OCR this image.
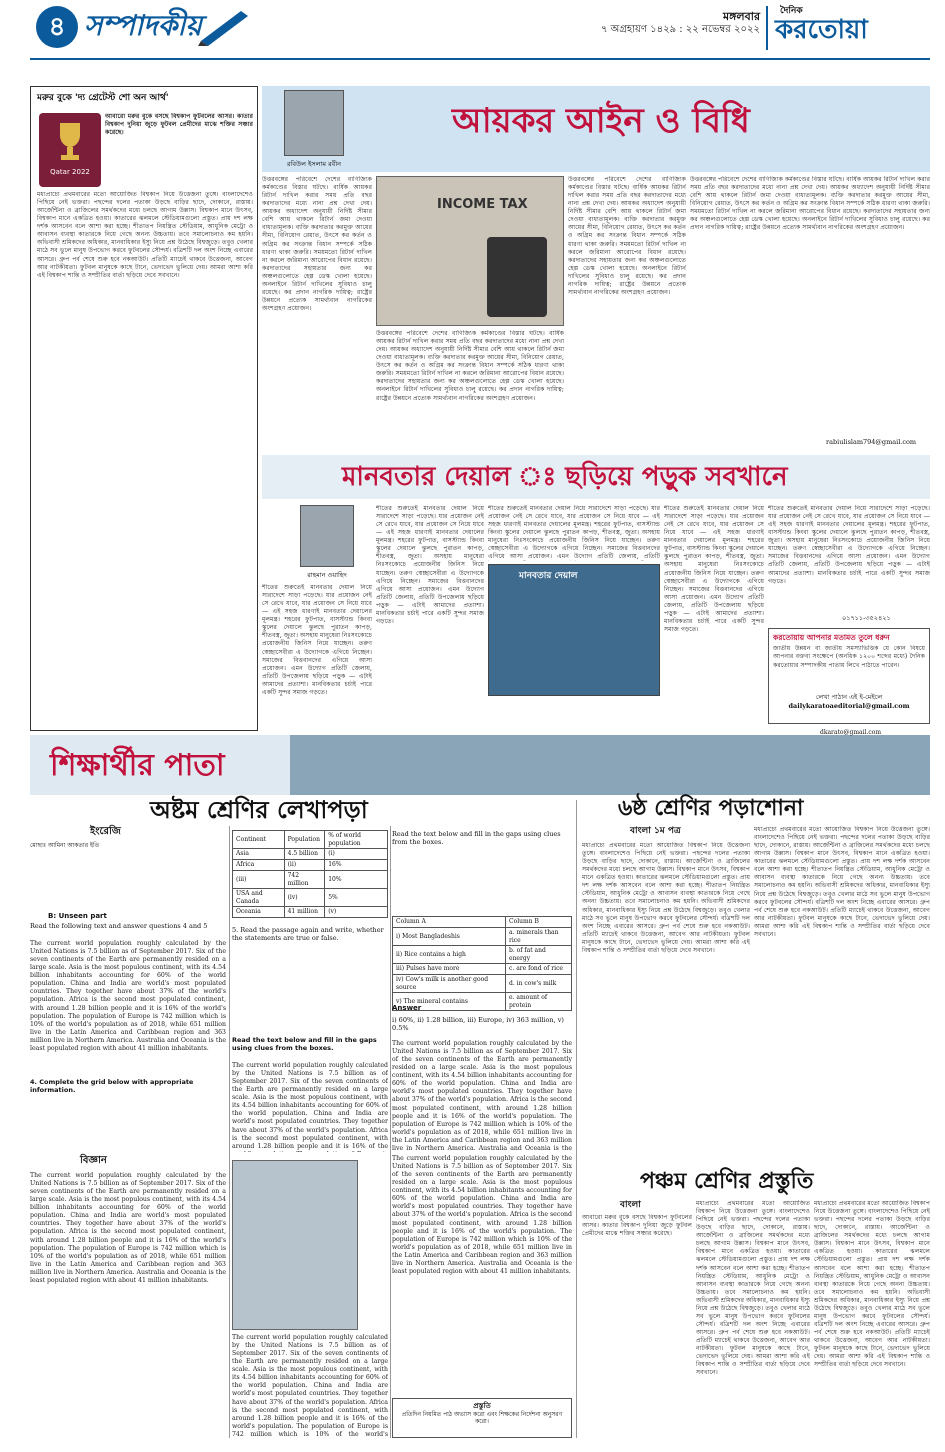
৪ সম্পাদকীয়	মঙ্গলবার
৭ অগ্রহায়ণ ১৪২৯ : ২২ নভেম্বর ২০২২
দৈনিক
করতোয়া
মরুর বুকে 'দ্য গ্রেটেস্ট শো অন আর্থ'
Qatar 2022
আবারো মরুর বুকে বসছে বিশ্বকাপ ফুটবলের আসর। কাতার বিশ্বকাপ দুনিয়া জুড়ে ফুটবল প্রেমীদের মাঝে শক্তির সঞ্চার করেছে।
মধ্যপ্রাচ্যে প্রথমবারের মতো আয়োজিত বিশ্বকাপ নিয়ে উত্তেজনা তুঙ্গে। বাংলাদেশেও পিছিয়ে নেই ভক্তরা। পছন্দের দলের পতাকা উড়ছে বাড়ির ছাদে, দোকানে, রাস্তায়। আর্জেন্টিনা ও ব্রাজিলের সমর্থকদের মধ্যে চলছে আগাম উল্লাস। বিশ্বকাপ মানে উৎসব, বিশ্বকাপ মানে একত্রিত হওয়া। কাতারের ঝলমলে স্টেডিয়ামগুলো প্রস্তুত। প্রায় দশ লক্ষ দর্শক আসবেন বলে আশা করা হচ্ছে। শীতাতপ নিয়ন্ত্রিত স্টেডিয়াম, আধুনিক মেট্রো ও আবাসন ব্যবস্থা কাতারকে নিয়ে গেছে অনন্য উচ্চতায়। তবে সমালোচনাও কম হয়নি। অভিবাসী শ্রমিকদের অধিকার, মানবাধিকার ইস্যু নিয়ে প্রশ্ন উঠেছে বিশ্বজুড়ে। তবুও খেলার মাঠে সব ভুলে মানুষ উপভোগ করবে ফুটবলের সৌন্দর্য। বত্রিশটি দল অংশ নিচ্ছে এবারের আসরে। গ্রুপ পর্ব শেষে শুরু হবে নকআউট। প্রতিটি ম্যাচেই থাকবে উত্তেজনা, আবেগ আর নাটকীয়তা। ফুটবল মানুষকে কাছে টানে, ভেদাভেদ ভুলিয়ে দেয়। আমরা আশা করি এই বিশ্বকাপ শান্তি ও সম্প্রীতির বার্তা ছড়িয়ে দেবে সবখানে।
রবিউল ইসলাম রবীন
আয়কর আইন ও বিধি
উত্তরবঙ্গের পরিবেশে দেশের বাণিজ্যিক কর্মকাণ্ডের বিস্তার ঘটছে। বার্ষিক আয়কর রিটার্ন দাখিল করার সময় প্রতি বছর করদাতাদের মধ্যে নানা প্রশ্ন দেখা দেয়। আয়কর অধ্যাদেশ অনুযায়ী নির্দিষ্ট সীমার বেশি আয় থাকলে রিটার্ন জমা দেওয়া বাধ্যতামূলক। ব্যক্তি করদাতার করমুক্ত আয়ের সীমা, বিনিয়োগ রেয়াত, উৎসে কর কর্তন ও অগ্রিম কর সংক্রান্ত বিধান সম্পর্কে সঠিক ধারণা থাকা জরুরি। সময়মতো রিটার্ন দাখিল না করলে জরিমানা আরোপের বিধান রয়েছে। করদাতাদের সহায়তার জন্য কর অঞ্চলগুলোতে হেল্প ডেস্ক খোলা হয়েছে। অনলাইনে রিটার্ন দাখিলের সুবিধাও চালু রয়েছে। কর প্রদান নাগরিক দায়িত্ব; রাষ্ট্রের উন্নয়নে প্রত্যেক সামর্থ্যবান নাগরিকের অংশগ্রহণ প্রয়োজন।
INCOME TAX
উত্তরবঙ্গের পরিবেশে দেশের বাণিজ্যিক কর্মকাণ্ডের বিস্তার ঘটছে। বার্ষিক আয়কর রিটার্ন দাখিল করার সময় প্রতি বছর করদাতাদের মধ্যে নানা প্রশ্ন দেখা দেয়। আয়কর অধ্যাদেশ অনুযায়ী নির্দিষ্ট সীমার বেশি আয় থাকলে রিটার্ন জমা দেওয়া বাধ্যতামূলক। ব্যক্তি করদাতার করমুক্ত আয়ের সীমা, বিনিয়োগ রেয়াত, উৎসে কর কর্তন ও অগ্রিম কর সংক্রান্ত বিধান সম্পর্কে সঠিক ধারণা থাকা জরুরি। সময়মতো রিটার্ন দাখিল না করলে জরিমানা আরোপের বিধান রয়েছে। করদাতাদের সহায়তার জন্য কর অঞ্চলগুলোতে হেল্প ডেস্ক খোলা হয়েছে। অনলাইনে রিটার্ন দাখিলের সুবিধাও চালু রয়েছে। কর প্রদান নাগরিক দায়িত্ব; রাষ্ট্রের উন্নয়নে প্রত্যেক সামর্থ্যবান নাগরিকের অংশগ্রহণ প্রয়োজন।
উত্তরবঙ্গের পরিবেশে দেশের বাণিজ্যিক কর্মকাণ্ডের বিস্তার ঘটছে। বার্ষিক আয়কর রিটার্ন দাখিল করার সময় প্রতি বছর করদাতাদের মধ্যে নানা প্রশ্ন দেখা দেয়। আয়কর অধ্যাদেশ অনুযায়ী নির্দিষ্ট সীমার বেশি আয় থাকলে রিটার্ন জমা দেওয়া বাধ্যতামূলক। ব্যক্তি করদাতার করমুক্ত আয়ের সীমা, বিনিয়োগ রেয়াত, উৎসে কর কর্তন ও অগ্রিম কর সংক্রান্ত বিধান সম্পর্কে সঠিক ধারণা থাকা জরুরি। সময়মতো রিটার্ন দাখিল না করলে জরিমানা আরোপের বিধান রয়েছে। করদাতাদের সহায়তার জন্য কর অঞ্চলগুলোতে হেল্প ডেস্ক খোলা হয়েছে। অনলাইনে রিটার্ন দাখিলের সুবিধাও চালু রয়েছে। কর প্রদান নাগরিক দায়িত্ব; রাষ্ট্রের উন্নয়নে প্রত্যেক সামর্থ্যবান নাগরিকের অংশগ্রহণ প্রয়োজন।
উত্তরবঙ্গের পরিবেশে দেশের বাণিজ্যিক কর্মকাণ্ডের বিস্তার ঘটছে। বার্ষিক আয়কর রিটার্ন দাখিল করার সময় প্রতি বছর করদাতাদের মধ্যে নানা প্রশ্ন দেখা দেয়। আয়কর অধ্যাদেশ অনুযায়ী নির্দিষ্ট সীমার বেশি আয় থাকলে রিটার্ন জমা দেওয়া বাধ্যতামূলক। ব্যক্তি করদাতার করমুক্ত আয়ের সীমা, বিনিয়োগ রেয়াত, উৎসে কর কর্তন ও অগ্রিম কর সংক্রান্ত বিধান সম্পর্কে সঠিক ধারণা থাকা জরুরি। সময়মতো রিটার্ন দাখিল না করলে জরিমানা আরোপের বিধান রয়েছে। করদাতাদের সহায়তার জন্য কর অঞ্চলগুলোতে হেল্প ডেস্ক খোলা হয়েছে। অনলাইনে রিটার্ন দাখিলের সুবিধাও চালু রয়েছে। কর প্রদান নাগরিক দায়িত্ব; রাষ্ট্রের উন্নয়নে প্রত্যেক সামর্থ্যবান নাগরিকের অংশগ্রহণ প্রয়োজন।
rabiulislam794@gmail.com
মানবতার দেয়াল ঃ ছড়িয়ে পড়ুক সবখানে
রাহমান ওয়াহিদ
শীতের শুরুতেই মানবতার দেয়াল নিয়ে সারাদেশে সাড়া পড়েছে। যার প্রয়োজন নেই সে রেখে যাবে, যার প্রয়োজন সে নিয়ে যাবে — এই সহজ ধারণাই মানবতার দেয়ালের মূলমন্ত্র। শহরের ফুটপাত, বাসস্ট্যান্ড কিংবা স্কুলের দেয়ালে ঝুলছে পুরাতন কাপড়, শীতবস্ত্র, জুতা। অসহায় মানুষেরা নিঃসংকোচে প্রয়োজনীয় জিনিস নিয়ে যাচ্ছেন। তরুণ স্বেচ্ছাসেবীরা এ উদ্যোগকে এগিয়ে নিচ্ছেন। সমাজের বিত্তবানদের এগিয়ে আসা প্রয়োজন। এমন উদ্যোগ প্রতিটি জেলায়, প্রতিটি উপজেলায় ছড়িয়ে পড়ুক — এটাই আমাদের প্রত্যাশা। মানবিকতার চর্চাই পারে একটি সুন্দর সমাজ গড়তে।
শীতের শুরুতেই মানবতার দেয়াল নিয়ে সারাদেশে সাড়া পড়েছে। যার প্রয়োজন নেই সে রেখে যাবে, যার প্রয়োজন সে নিয়ে যাবে — এই সহজ ধারণাই মানবতার দেয়ালের মূলমন্ত্র। শহরের ফুটপাত, বাসস্ট্যান্ড কিংবা স্কুলের দেয়ালে ঝুলছে পুরাতন কাপড়, শীতবস্ত্র, জুতা। অসহায় মানুষেরা নিঃসংকোচে প্রয়োজনীয় জিনিস নিয়ে যাচ্ছেন। তরুণ স্বেচ্ছাসেবীরা এ উদ্যোগকে এগিয়ে নিচ্ছেন। সমাজের বিত্তবানদের এগিয়ে আসা প্রয়োজন। এমন উদ্যোগ প্রতিটি জেলায়, প্রতিটি উপজেলায় ছড়িয়ে পড়ুক — এটাই আমাদের প্রত্যাশা। মানবিকতার চর্চাই পারে একটি সুন্দর সমাজ গড়তে।
মানবতার দেয়াল
শীতের শুরুতেই মানবতার দেয়াল নিয়ে সারাদেশে সাড়া পড়েছে। যার প্রয়োজন নেই সে রেখে যাবে, যার প্রয়োজন সে নিয়ে যাবে — এই সহজ ধারণাই মানবতার দেয়ালের মূলমন্ত্র। শহরের ফুটপাত, বাসস্ট্যান্ড কিংবা স্কুলের দেয়ালে ঝুলছে পুরাতন কাপড়, শীতবস্ত্র, জুতা। অসহায় মানুষেরা নিঃসংকোচে প্রয়োজনীয় জিনিস নিয়ে যাচ্ছেন। তরুণ স্বেচ্ছাসেবীরা এ উদ্যোগকে এগিয়ে নিচ্ছেন। সমাজের বিত্তবানদের এগিয়ে আসা প্রয়োজন। এমন উদ্যোগ প্রতিটি জেলায়, প্রতিটি
শীতের শুরুতেই মানবতার দেয়াল নিয়ে সারাদেশে সাড়া পড়েছে। যার প্রয়োজন নেই সে রেখে যাবে, যার প্রয়োজন সে নিয়ে যাবে — এই সহজ ধারণাই মানবতার দেয়ালের মূলমন্ত্র। শহরের ফুটপাত, বাসস্ট্যান্ড কিংবা স্কুলের দেয়ালে ঝুলছে পুরাতন কাপড়, শীতবস্ত্র, জুতা। অসহায় মানুষেরা নিঃসংকোচে প্রয়োজনীয় জিনিস নিয়ে যাচ্ছেন। তরুণ স্বেচ্ছাসেবীরা এ উদ্যোগকে এগিয়ে নিচ্ছেন। সমাজের বিত্তবানদের এগিয়ে আসা প্রয়োজন। এমন উদ্যোগ প্রতিটি জেলায়, প্রতিটি উপজেলায় ছড়িয়ে পড়ুক — এটাই আমাদের প্রত্যাশা। মানবিকতার চর্চাই পারে একটি সুন্দর সমাজ গড়তে।
শীতের শুরুতেই মানবতার দেয়াল নিয়ে সারাদেশে সাড়া পড়েছে। যার প্রয়োজন নেই সে রেখে যাবে, যার প্রয়োজন সে নিয়ে যাবে — এই সহজ ধারণাই মানবতার দেয়ালের মূলমন্ত্র। শহরের ফুটপাত, বাসস্ট্যান্ড কিংবা স্কুলের দেয়ালে ঝুলছে পুরাতন কাপড়, শীতবস্ত্র, জুতা। অসহায় মানুষেরা নিঃসংকোচে প্রয়োজনীয় জিনিস নিয়ে যাচ্ছেন। তরুণ স্বেচ্ছাসেবীরা এ উদ্যোগকে এগিয়ে নিচ্ছেন। সমাজের বিত্তবানদের এগিয়ে আসা প্রয়োজন। এমন উদ্যোগ প্রতিটি জেলায়, প্রতিটি উপজেলায় ছড়িয়ে পড়ুক — এটাই আমাদের প্রত্যাশা। মানবিকতার চর্চাই পারে একটি সুন্দর সমাজ গড়তে।
০১৭১১-৩৫২৪২১
করতোয়ায় আপনার মতামত তুলে ধরুন
জাতীয় উন্নয়ন বা জাতীয় সমস্যাভিত্তিক যে কোন বিষয়ে আপনার বক্তব্য সংক্ষেপে (অনধিক ১২০০ শব্দের মধ্যে) দৈনিক করতোয়ার সম্পাদকীয় পাতায় লিখে পাঠাতে পারেন।
লেখা পাঠান এই ই-মেইলে
dailykaratoaeditorial@gmail.com
শিক্ষার্থীর পাতা
dkarato@gmail.com
অষ্টম শ্রেণির লেখাপড়া
ইংরেজি
মোছাঃ আমিনা আকতার ইতি
B: Unseen part
Read the following text and answer questions 4 and 5
The current world population roughly calculated by the United Nations is 7.5 billion as of September 2017. Six of the seven continents of the Earth are permanently resided on a large scale. Asia is the most populous continent, with its 4.54 billion inhabitants accounting for 60% of the world population. China and India are world's most populated countries. They together have about 37% of the world's population. Africa is the second most populated continent, with around 1.28 billion people and it is 16% of the world's population. The population of Europe is 742 million which is 10% of the world's population as of 2018, while 651 million live in the Latin America and Caribbean region and 363 million live in Northern America. Australia and Oceania is the least populated region with about 41 million inhabitants.
4. Complete the grid below with appropriate information.
Continent	Population	% of world population
Asia	4.5 billion	(i)
Africa	(ii)	16%
(iii)	742 million	10%
USA and Canada	(iv)	5%
Oceania	41 million	(v)
5. Read the passage again and write, whether the statements are true or false.
Read the text below and fill in the gaps using clues from the boxes.
The current world population roughly calculated by the United Nations is 7.5 billion as of September 2017. Six of the seven continents of the Earth are permanently resided on a large scale. Asia is the most populous continent, with its 4.54 billion inhabitants accounting for 60% of the world population. China and India are world's most populated countries. They together have about 37% of the world's population. Africa is the second most populated continent, with around 1.28 billion people and it is 16% of the
Read the text below and fill in the gaps using clues from the boxes.
Column A	Column B
i) Most Bangladeshis	a. minerals than rice
ii) Rice contains a high	b. of fat and energy
iii) Pulses have more	c. are fond of rice
iv) Cow's milk is another good source	d. in cow's milk
v) The mineral contains	e. amount of protein
Answer
i) 60%, ii) 1.28 billion, iii) Europe, iv) 363 million, v) 0.5%
The current world population roughly calculated by the United Nations is 7.5 billion as of September 2017. Six of the seven continents of the Earth are permanently resided on a large scale. Asia is the most populous continent, with its 4.54 billion inhabitants accounting for 60% of the world population. China and India are world's most populated countries. They together have about 37% of the world's population. Africa is the second most populated continent, with around 1.28 billion people and it is 16% of the world's population. The population of Europe is 742 million which is 10% of the world's population as of 2018, while 651 million live in the Latin America and Caribbean region and 363 million live in Northern America. Australia and Oceania is the
বিজ্ঞান
The current world population roughly calculated by the United Nations is 7.5 billion as of September 2017. Six of the seven continents of the Earth are permanently resided on a large scale. Asia is the most populous continent, with its 4.54 billion inhabitants accounting for 60% of the world population. China and India are world's most populated countries. They together have about 37% of the world's population. Africa is the second most populated continent, with around 1.28 billion people and it is 16% of the world's population. The population of Europe is 742 million which is 10% of the world's population as of 2018, while 651 million live in the Latin America and Caribbean region and 363 million live in Northern America. Australia and Oceania is the least populated region with about 41 million inhabitants.
The current world population roughly calculated by the United Nations is 7.5 billion as of September 2017. Six of the seven continents of the Earth are permanently resided on a large scale. Asia is the most populous continent, with its 4.54 billion inhabitants accounting for 60% of the world population. China and India are world's most populated countries. They together have about 37% of the world's population. Africa is the second most populated continent, with around 1.28 billion people and it is 16% of the world's population. The population of Europe is 742 million which is 10% of the world's
The current world population roughly calculated by the United Nations is 7.5 billion as of September 2017. Six of the seven continents of the Earth are permanently resided on a large scale. Asia is the most populous continent, with its 4.54 billion inhabitants accounting for 60% of the world population. China and India are world's most populated countries. They together have about 37% of the world's population. Africa is the second most populated continent, with around 1.28 billion people and it is 16% of the world's population. The population of Europe is 742 million which is 10% of the world's population as of 2018, while 651 million live in the Latin America and Caribbean region and 363 million live in Northern America. Australia and Oceania is the least populated region with about 41 million inhabitants.
প্রস্তুতি
প্রতিদিন নিয়মিত পাঠ অভ্যাস করো এবং শিক্ষকের নির্দেশনা অনুসরণ করো।
৬ষ্ঠ শ্রেণির পড়াশোনা
বাংলা ১ম পত্র
মধ্যপ্রাচ্যে প্রথমবারের মতো আয়োজিত বিশ্বকাপ নিয়ে উত্তেজনা তুঙ্গে। বাংলাদেশেও পিছিয়ে নেই ভক্তরা। পছন্দের দলের পতাকা উড়ছে বাড়ির ছাদে, দোকানে, রাস্তায়। আর্জেন্টিনা ও ব্রাজিলের সমর্থকদের মধ্যে চলছে আগাম উল্লাস। বিশ্বকাপ মানে উৎসব, বিশ্বকাপ মানে একত্রিত হওয়া। কাতারের ঝলমলে স্টেডিয়ামগুলো প্রস্তুত। প্রায় দশ লক্ষ দর্শক আসবেন বলে আশা করা হচ্ছে। শীতাতপ নিয়ন্ত্রিত স্টেডিয়াম, আধুনিক মেট্রো ও আবাসন ব্যবস্থা কাতারকে নিয়ে গেছে অনন্য উচ্চতায়। তবে সমালোচনাও কম হয়নি। অভিবাসী শ্রমিকদের অধিকার, মানবাধিকার ইস্যু নিয়ে প্রশ্ন উঠেছে বিশ্বজুড়ে। তবুও খেলার মাঠে সব ভুলে মানুষ উপভোগ করবে ফুটবলের সৌন্দর্য। বত্রিশটি দল অংশ নিচ্ছে এবারের আসরে। গ্রুপ পর্ব শেষে শুরু হবে নকআউট। প্রতিটি ম্যাচেই থাকবে উত্তেজনা, আবেগ আর নাটকীয়তা। ফুটবল মানুষকে কাছে টানে, ভেদাভেদ ভুলিয়ে দেয়। আমরা আশা করি এই বিশ্বকাপ শান্তি ও সম্প্রীতির বার্তা ছড়িয়ে দেবে সবখানে।
মধ্যপ্রাচ্যে প্রথমবারের মতো আয়োজিত বিশ্বকাপ নিয়ে উত্তেজনা তুঙ্গে। বাংলাদেশেও পিছিয়ে নেই ভক্তরা। পছন্দের দলের পতাকা উড়ছে বাড়ির ছাদে, দোকানে, রাস্তায়। আর্জেন্টিনা ও ব্রাজিলের সমর্থকদের মধ্যে চলছে আগাম উল্লাস। বিশ্বকাপ মানে উৎসব, বিশ্বকাপ মানে একত্রিত হওয়া। কাতারের ঝলমলে স্টেডিয়ামগুলো প্রস্তুত। প্রায় দশ লক্ষ দর্শক আসবেন বলে আশা করা হচ্ছে। শীতাতপ নিয়ন্ত্রিত স্টেডিয়াম, আধুনিক মেট্রো ও আবাসন ব্যবস্থা কাতারকে নিয়ে গেছে অনন্য উচ্চতায়। তবে সমালোচনাও কম হয়নি। অভিবাসী শ্রমিকদের অধিকার, মানবাধিকার ইস্যু নিয়ে প্রশ্ন উঠেছে বিশ্বজুড়ে। তবুও খেলার মাঠে সব ভুলে মানুষ উপভোগ করবে ফুটবলের সৌন্দর্য। বত্রিশটি দল অংশ নিচ্ছে এবারের আসরে। গ্রুপ পর্ব শেষে শুরু হবে নকআউট। প্রতিটি ম্যাচেই থাকবে উত্তেজনা, আবেগ আর নাটকীয়তা। ফুটবল মানুষকে কাছে টানে, ভেদাভেদ ভুলিয়ে দেয়। আমরা আশা করি এই বিশ্বকাপ শান্তি ও সম্প্রীতির বার্তা ছড়িয়ে দেবে সবখানে।
পঞ্চম শ্রেণির প্রস্তুতি
বাংলা
আবারো মরুর বুকে বসছে বিশ্বকাপ ফুটবলের আসর। কাতার বিশ্বকাপ দুনিয়া জুড়ে ফুটবল প্রেমীদের মাঝে শক্তির সঞ্চার করেছে।
মধ্যপ্রাচ্যে প্রথমবারের মতো আয়োজিত বিশ্বকাপ নিয়ে উত্তেজনা তুঙ্গে। বাংলাদেশেও পিছিয়ে নেই ভক্তরা। পছন্দের দলের পতাকা উড়ছে বাড়ির ছাদে, দোকানে, রাস্তায়। আর্জেন্টিনা ও ব্রাজিলের সমর্থকদের মধ্যে চলছে আগাম উল্লাস। বিশ্বকাপ মানে উৎসব, বিশ্বকাপ মানে একত্রিত হওয়া। কাতারের ঝলমলে স্টেডিয়ামগুলো প্রস্তুত। প্রায় দশ লক্ষ দর্শক আসবেন বলে আশা করা হচ্ছে। শীতাতপ নিয়ন্ত্রিত স্টেডিয়াম, আধুনিক মেট্রো ও আবাসন ব্যবস্থা কাতারকে নিয়ে গেছে অনন্য উচ্চতায়। তবে সমালোচনাও কম হয়নি। অভিবাসী শ্রমিকদের অধিকার, মানবাধিকার ইস্যু নিয়ে প্রশ্ন উঠেছে বিশ্বজুড়ে। তবুও খেলার মাঠে সব ভুলে মানুষ উপভোগ করবে ফুটবলের সৌন্দর্য। বত্রিশটি দল অংশ নিচ্ছে এবারের আসরে। গ্রুপ পর্ব শেষে শুরু হবে নকআউট। প্রতিটি ম্যাচেই থাকবে উত্তেজনা, আবেগ আর নাটকীয়তা। ফুটবল মানুষকে কাছে টানে, ভেদাভেদ ভুলিয়ে দেয়। আমরা আশা করি এই বিশ্বকাপ শান্তি ও সম্প্রীতির বার্তা ছড়িয়ে দেবে সবখানে।
মধ্যপ্রাচ্যে প্রথমবারের মতো আয়োজিত বিশ্বকাপ নিয়ে উত্তেজনা তুঙ্গে। বাংলাদেশেও পিছিয়ে নেই ভক্তরা। পছন্দের দলের পতাকা উড়ছে বাড়ির ছাদে, দোকানে, রাস্তায়। আর্জেন্টিনা ও ব্রাজিলের সমর্থকদের মধ্যে চলছে আগাম উল্লাস। বিশ্বকাপ মানে উৎসব, বিশ্বকাপ মানে একত্রিত হওয়া। কাতারের ঝলমলে স্টেডিয়ামগুলো প্রস্তুত। প্রায় দশ লক্ষ দর্শক আসবেন বলে আশা করা হচ্ছে। শীতাতপ নিয়ন্ত্রিত স্টেডিয়াম, আধুনিক মেট্রো ও আবাসন ব্যবস্থা কাতারকে নিয়ে গেছে অনন্য উচ্চতায়। তবে সমালোচনাও কম হয়নি। অভিবাসী শ্রমিকদের অধিকার, মানবাধিকার ইস্যু নিয়ে প্রশ্ন উঠেছে বিশ্বজুড়ে। তবুও খেলার মাঠে সব ভুলে মানুষ উপভোগ করবে ফুটবলের সৌন্দর্য। বত্রিশটি দল অংশ নিচ্ছে এবারের আসরে। গ্রুপ পর্ব শেষে শুরু হবে নকআউট। প্রতিটি ম্যাচেই থাকবে উত্তেজনা, আবেগ আর নাটকীয়তা। ফুটবল মানুষকে কাছে টানে, ভেদাভেদ ভুলিয়ে দেয়। আমরা আশা করি এই বিশ্বকাপ শান্তি ও সম্প্রীতির বার্তা ছড়িয়ে দেবে সবখানে।
